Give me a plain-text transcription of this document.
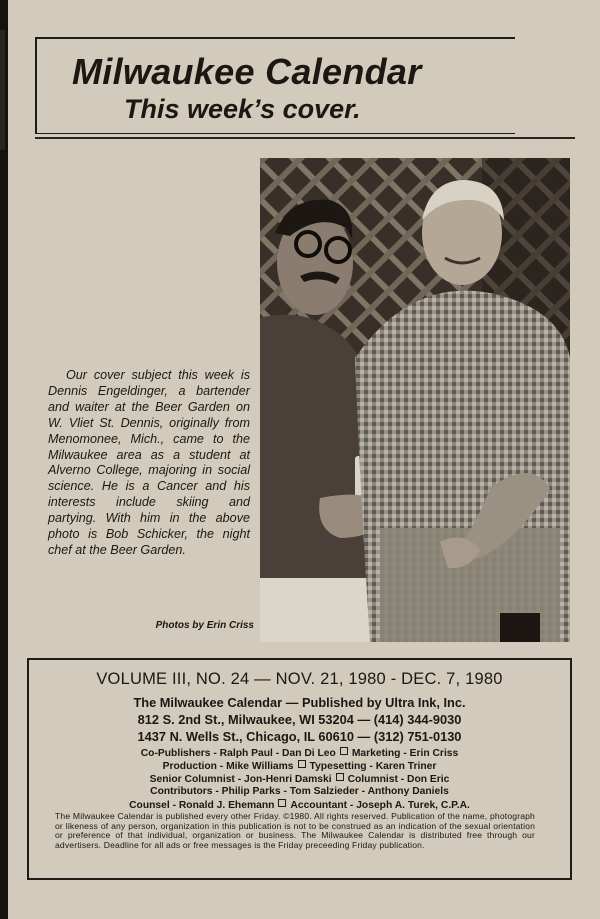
Milwaukee Calendar
This week’s cover.

Our cover subject this week is Dennis Engeldinger, a bartender and waiter at the Beer Garden on W. Vliet St. Dennis, originally from Menomonee, Mich., came to the Milwaukee area as a student at Alverno College, majoring in social science. He is a Cancer and his interests include skiing and partying. With him in the above photo is Bob Schicker, the night chef at the Beer Garden.

Photos by Erin Criss
VOLUME III, NO. 24 — NOV. 21, 1980 - DEC. 7, 1980
The Milwaukee Calendar — Published by Ultra Ink, Inc.
812 S. 2nd St., Milwaukee, WI 53204 — (414) 344-9030
1437 N. Wells St., Chicago, IL 60610 — (312) 751-0130
Co-Publishers - Ralph Paul - Dan Di Leo Marketing - Erin Criss
Production - Mike Williams Typesetting - Karen Triner
Senior Columnist - Jon-Henri Damski Columnist - Don Eric
Contributors - Philip Parks - Tom Salzieder - Anthony Daniels
Counsel - Ronald J. Ehemann Accountant - Joseph A. Turek, C.P.A.
The Milwaukee Calendar is published every other Friday. ©1980. All rights reserved. Publication of the name, photograph or likeness of any person, organization in this publication is not to be construed as an indication of the sexual orientation or preference of that individual, organization or business. The Milwaukee Calendar is distributed free through our advertisers. Deadline for all ads or free messages is the Friday preceeding Friday publication.
